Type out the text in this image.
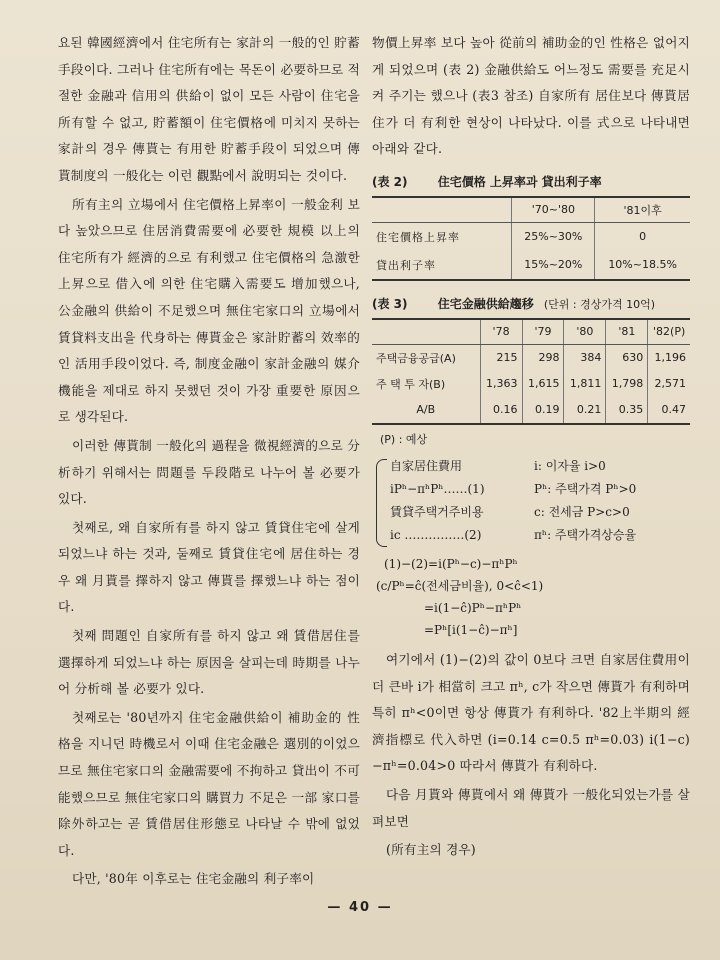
요된 韓國經濟에서 住宅所有는 家計의 一般的인 貯蓄手段이다. 그러나 住宅所有에는 목돈이 必要하므로 적절한 金融과 信用의 供給이 없이 모든 사람이 住宅을 所有할 수 없고, 貯蓄額이 住宅價格에 미치지 못하는 家計의 경우 傳貰는 有用한 貯蓄手段이 되었으며 傳貰制度의 一般化는 이런 觀點에서 說明되는 것이다.

所有主의 立場에서 住宅價格上昇率이 一般金利 보다 높았으므로 住居消費需要에 必要한 規模 以上의 住宅所有가 經濟的으로 有利했고 住宅價格의 急激한 上昇으로 借入에 의한 住宅購入需要도 增加했으나, 公金融의 供給이 不足했으며 無住宅家口의 立場에서 賃貸料支出을 代身하는 傳貰金은 家計貯蓄의 效率的인 活用手段이었다. 즉, 制度金融이 家計金融의 媒介機能을 제대로 하지 못했던 것이 가장 重要한 原因으로 생각된다.

이러한 傳貰制 一般化의 過程을 微視經濟的으로 分析하기 위해서는 問題를 두段階로 나누어 볼 必要가 있다.

첫째로, 왜 自家所有를 하지 않고 賃貸住宅에 살게 되었느냐 하는 것과, 둘째로 賃貸住宅에 居住하는 경우 왜 月貰를 擇하지 않고 傳貰를 擇했느냐 하는 점이다.

첫째 問題인 自家所有를 하지 않고 왜 賃借居住를 選擇하게 되었느냐 하는 原因을 살피는데 時期를 나누어 分析해 볼 必要가 있다.

첫째로는 '80년까지 住宅金融供給이 補助金的 性格을 지니던 時機로서 이때 住宅金融은 選別的이었으므로 無住宅家口의 金融需要에 不拘하고 貸出이 不可能했으므로 無住宅家口의 購買力 不足은 一部 家口를 除外하고는 곧 賃借居住形態로 나타날 수 밖에 없었다.

다만, '80年 이후로는 住宅金融의 利子率이

物價上昇率 보다 높아 從前의 補助金的인 性格은 없어지게 되었으며 (表 2) 金融供給도 어느정도 需要를 充足시켜 주기는 했으나 (表3 참조) 自家所有 居住보다 傳貰居住가 더 有利한 현상이 나타났다. 이를 式으로 나타내면 아래와 같다.

(表 2)	住宅價格 上昇率과 貸出利子率
	'70~'80	'81이후
住宅價格上昇率	25%~30%	0
貸出利子率	15%~20%	10%~18.5%
(表 3)	住宅金融供給趨移 (단위 : 경상가격 10억)
	'78	'79	'80	'81	'82(P)
주택금융공급(A)	215	298	384	630	1,196
주 택 투 자(B)	1,363	1,615	1,811	1,798	2,571
A/B	0.16	0.19	0.21	0.35	0.47
(P) : 예상
自家居住費用
iPʰ−πʰPʰ……(1)
賃貸주택거주비용
ic ……………(2)
i: 이자율 i>0
Pʰ: 주택가격 Pʰ>0
c: 전세금 P>c>0
πʰ: 주택가격상승율
(1)−(2)=i(Pʰ−c)−πʰPʰ
(c/Pʰ=ĉ(전세금비율), 0<ĉ<1)
=i(1−ĉ)Pʰ−πʰPʰ
=Pʰ[i(1−ĉ)−πʰ]

여기에서 (1)−(2)의 값이 0보다 크면 自家居住費用이 더 큰바 i가 相當히 크고 πʰ, c가 작으면 傳貰가 有利하며 특히 πʰ<0이면 항상 傳貰가 有利하다. '82上半期의 經濟指標로 代入하면 (i=0.14 c=0.5 πʰ=0.03) i(1−c)−πʰ=0.04>0 따라서 傳貰가 有利하다.

다음 月貰와 傳貰에서 왜 傳貰가 一般化되었는가를 살펴보면

(所有主의 경우)

— 40 —
